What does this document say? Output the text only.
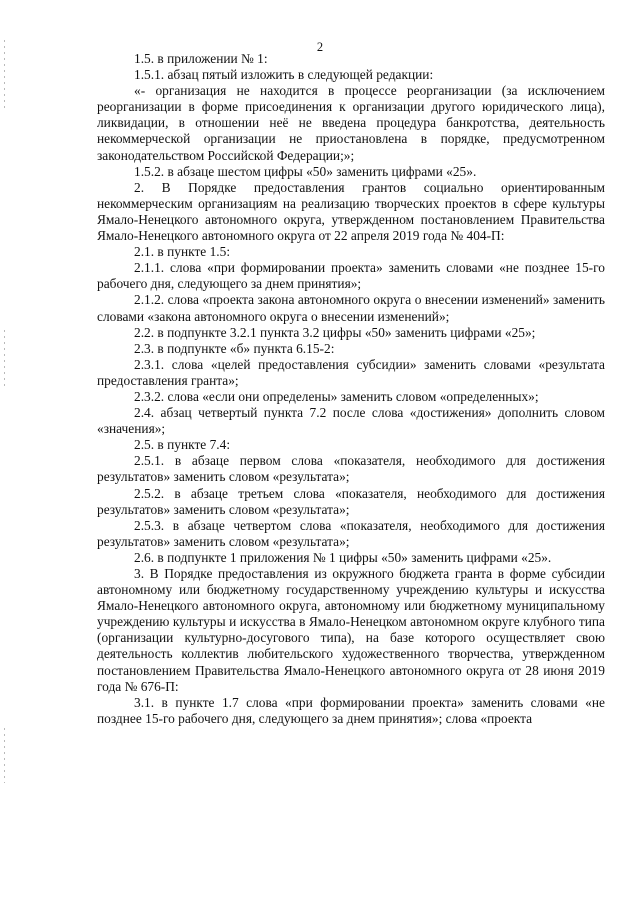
2

1.5. в приложении № 1:

1.5.1. абзац пятый изложить в следующей редакции:

«- организация не находится в процессе реорганизации (за исключением реорганизации в форме присоединения к организации другого юридического лица), ликвидации, в отношении неё не введена процедура банкротства, деятельность некоммерческой организации не приостановлена в порядке, предусмотренном законодательством Российской Федерации;»;

1.5.2. в абзаце шестом цифры «50» заменить цифрами «25».

2. В Порядке предоставления грантов социально ориентированным некоммерческим организациям на реализацию творческих проектов в сфере культуры Ямало-Ненецкого автономного округа, утвержденном постановлением Правительства Ямало-Ненецкого автономного округа от 22 апреля 2019 года № 404-П:

2.1. в пункте 1.5:

2.1.1. слова «при формировании проекта» заменить словами «не позднее 15-го рабочего дня, следующего за днем принятия»;

2.1.2. слова «проекта закона автономного округа о внесении изменений» заменить словами «закона автономного округа о внесении изменений»;

2.2. в подпункте 3.2.1 пункта 3.2 цифры «50» заменить цифрами «25»;

2.3. в подпункте «б» пункта 6.15-2:

2.3.1. слова «целей предоставления субсидии» заменить словами «результата предоставления гранта»;

2.3.2. слова «если они определены» заменить словом «определенных»;

2.4. абзац четвертый пункта 7.2 после слова «достижения» дополнить словом «значения»;

2.5. в пункте 7.4:

2.5.1. в абзаце первом слова «показателя, необходимого для достижения результатов» заменить словом «результата»;

2.5.2. в абзаце третьем слова «показателя, необходимого для достижения результатов» заменить словом «результата»;

2.5.3. в абзаце четвертом слова «показателя, необходимого для достижения результатов» заменить словом «результата»;

2.6. в подпункте 1 приложения № 1 цифры «50» заменить цифрами «25».

3. В Порядке предоставления из окружного бюджета гранта в форме субсидии автономному или бюджетному государственному учреждению культуры и искусства Ямало-Ненецкого автономного округа, автономному или бюджетному муниципальному учреждению культуры и искусства в Ямало-Ненецком автономном округе клубного типа (организации культурно-досугового типа), на базе которого осуществляет свою деятельность коллектив любительского художественного творчества, утвержденном постановлением Правительства Ямало-Ненецкого автономного округа от 28 июня 2019 года № 676-П:

3.1. в пункте 1.7 слова «при формировании проекта» заменить словами «не позднее 15-го рабочего дня, следующего за днем принятия»; слова «проекта
